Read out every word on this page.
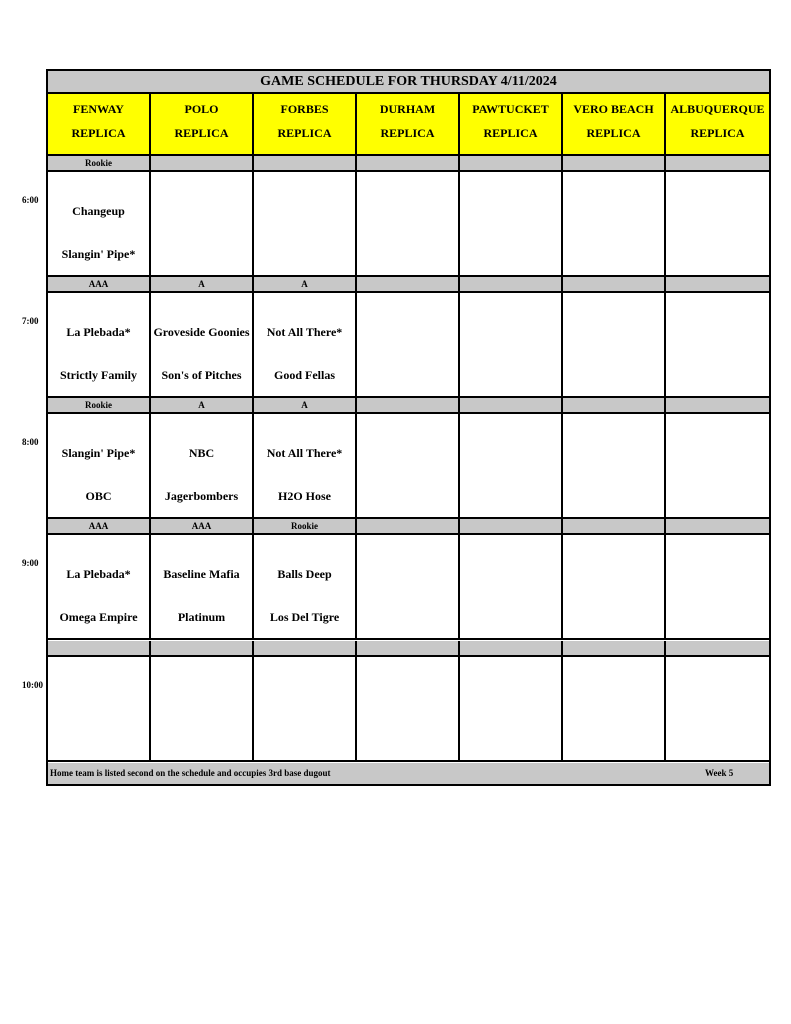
GAME SCHEDULE FOR THURSDAY 4/11/2024
FENWAY
REPLICA
POLO
REPLICA
FORBES
REPLICA
DURHAM
REPLICA
PAWTUCKET
REPLICA
VERO BEACH
REPLICA
ALBUQUERQUE
REPLICA
Rookie
Changeup
Slangin' Pipe*
AAA
La Plebada*
Strictly Family
A
Groveside Goonies
Son's of Pitches
A
Not All There*
Good Fellas
Rookie
Slangin' Pipe*
OBC
A
NBC
Jagerbombers
A
Not All There*
H2O Hose
AAA
La Plebada*
Omega Empire
AAA
Baseline Mafia
Platinum
Rookie
Balls Deep
Los Del Tigre
Home team is listed second on the schedule and occupies 3rd base dugout	Week 5
6:00
7:00
8:00
9:00
10:00
